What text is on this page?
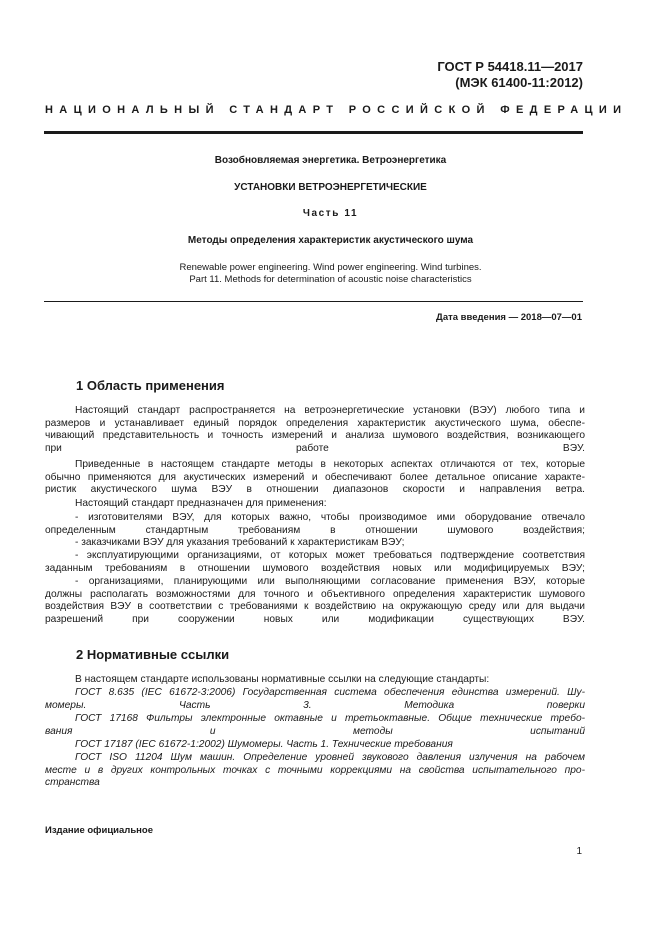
ГОСТ Р 54418.11—2017
(МЭК 61400-11:2012)
НАЦИОНАЛЬНЫЙ СТАНДАРТ РОССИЙСКОЙ ФЕДЕРАЦИИ
Возобновляемая энергетика. Ветроэнергетика
УСТАНОВКИ ВЕТРОЭНЕРГЕТИЧЕСКИЕ
Часть 11
Методы определения характеристик акустического шума
Renewable power engineering. Wind power engineering. Wind turbines.
Part 11. Methods for determination of acoustic noise characteristics
Дата введения — 2018—07—01
1 Область применения
Настоящий стандарт распространяется на ветроэнергетические установки (ВЭУ) любого типа и
размеров и устанавливает единый порядок определения характеристик акустического шума, обеспе-
чивающий представительность и точность измерений и анализа шумового воздействия, возникающего
при работе ВЭУ.
Приведенные в настоящем стандарте методы в некоторых аспектах отличаются от тех, которые
обычно применяются для акустических измерений и обеспечивают более детальное описание характе-
ристик акустического шума ВЭУ в отношении диапазонов скорости и направления ветра.
Настоящий стандарт предназначен для применения:
- изготовителями ВЭУ, для которых важно, чтобы производимое ими оборудование отвечало
определенным стандартным требованиям в отношении шумового воздействия;
- заказчиками ВЭУ для указания требований к характеристикам ВЭУ;
- эксплуатирующими организациями, от которых может требоваться подтверждение соответствия
заданным требованиям в отношении шумового воздействия новых или модифицируемых ВЭУ;
- организациями, планирующими или выполняющими согласование применения ВЭУ, которые
должны располагать возможностями для точного и объективного определения характеристик шумового
воздействия ВЭУ в соответствии с требованиями к воздействию на окружающую среду или для выдачи
разрешений при сооружении новых или модификации существующих ВЭУ.
2 Нормативные ссылки
В настоящем стандарте использованы нормативные ссылки на следующие стандарты:
ГОСТ 8.635 (IEC 61672-3:2006) Государственная система обеспечения единства измерений. Шу-
момеры. Часть 3. Методика поверки
ГОСТ 17168 Фильтры электронные октавные и третьоктавные. Общие технические требо-
вания и методы испытаний
ГОСТ 17187 (IEC 61672-1:2002) Шумомеры. Часть 1. Технические требования
ГОСТ ISO 11204 Шум машин. Определение уровней звукового давления излучения на рабочем
месте и в других контрольных точках с точными коррекциями на свойства испытательного про-
странства
Издание официальное
1
